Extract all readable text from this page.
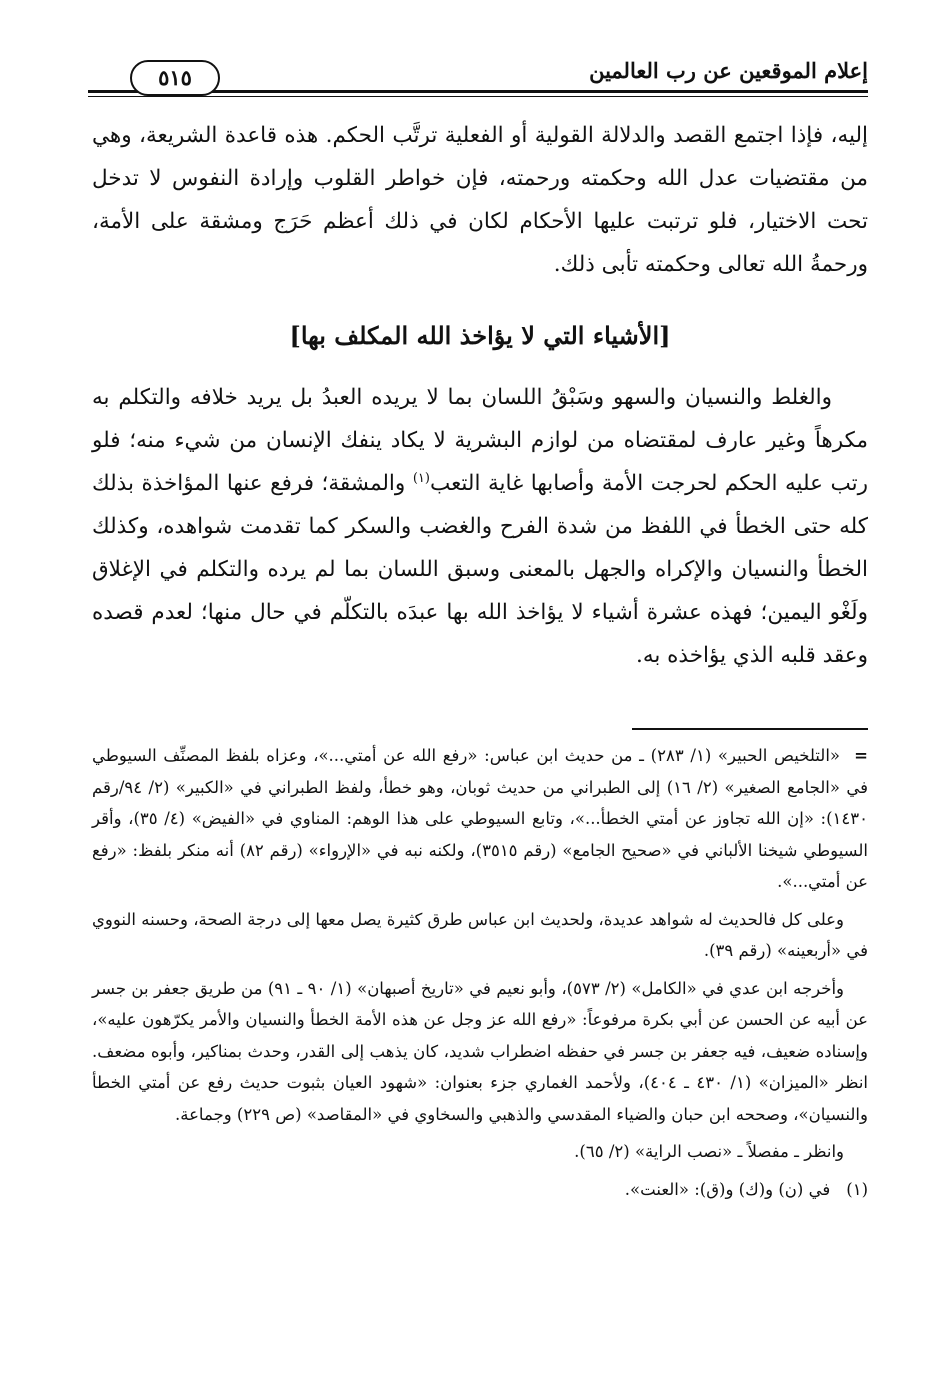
إعلام الموقعين عن رب العالمين
٥١٥
إليه، فإذا اجتمع القصد والدلالة القولية أو الفعلية ترتَّب الحكم. هذه قاعدة الشريعة، وهي من مقتضيات عدل الله وحكمته ورحمته، فإن خواطر القلوب وإرادة النفوس لا تدخل تحت الاختيار، فلو ترتبت عليها الأحكام لكان في ذلك أعظم حَرَج ومشقة على الأمة، ورحمةُ الله تعالى وحكمته تأبى ذلك.
[الأشياء التي لا يؤاخذ الله المكلف بها]
والغلط والنسيان والسهو وسَبْقُ اللسان بما لا يريده العبدُ بل يريد خلافه والتكلم به مكرهاً وغير عارف لمقتضاه من لوازم البشرية لا يكاد ينفك الإنسان من شيء منه؛ فلو رتب عليه الحكم لحرجت الأمة وأصابها غاية التعب$^{(١)}$ والمشقة؛ فرفع عنها المؤاخذة بذلك كله حتى الخطأ في اللفظ من شدة الفرح والغضب والسكر كما تقدمت شواهده، وكذلك الخطأ والنسيان والإكراه والجهل بالمعنى وسبق اللسان بما لم يرده والتكلم في الإغلاق ولَغْو اليمين؛ فهذه عشرة أشياء لا يؤاخذ الله بها عبدَه بالتكلّم في حال منها؛ لعدم قصده وعقد قلبه الذي يؤاخذه به.
=«التلخيص الحبير» (١/ ٢٨٣) ـ من حديث ابن عباس: «رفع الله عن أمتي...»، وعزاه بلفظ المصنِّف السيوطي في «الجامع الصغير» (٢/ ١٦) إلى الطبراني من حديث ثوبان، وهو خطأ، ولفظ الطبراني في «الكبير» (٢/ ٩٤/رقم ١٤٣٠): «إن الله تجاوز عن أمتي الخطأ...»، وتابع السيوطي على هذا الوهم: المناوي في «الفيض» (٤/ ٣٥)، وأقر السيوطي شيخنا الألباني في «صحيح الجامع» (رقم ٣٥١٥)، ولكنه نبه في «الإرواء» (رقم ٨٢) أنه منكر بلفظ: «رفع عن أمتي...».
وعلى كل فالحديث له شواهد عديدة، ولحديث ابن عباس طرق كثيرة يصل معها إلى درجة الصحة، وحسنه النووي في «أربعينه» (رقم ٣٩).
وأخرجه ابن عدي في «الكامل» (٢/ ٥٧٣)، وأبو نعيم في «تاريخ أصبهان» (١/ ٩٠ ـ ٩١) من طريق جعفر بن جسر عن أبيه عن الحسن عن أبي بكرة مرفوعاً: «رفع الله عز وجل عن هذه الأمة الخطأ والنسيان والأمر يكرّهون عليه»، وإسناده ضعيف، فيه جعفر بن جسر في حفظه اضطراب شديد، كان يذهب إلى القدر، وحدث بمناكير، وأبوه مضعف. انظر «الميزان» (١/ ٤٣٠ ـ ٤٠٤)، ولأحمد الغماري جزء بعنوان: «شهود العيان بثبوت حديث رفع عن أمتي الخطأ والنسيان»، وصححه ابن حبان والضياء المقدسي والذهبي والسخاوي في «المقاصد» (ص ٢٢٩) وجماعة.
وانظر ـ مفصلاً ـ «نصب الراية» (٢/ ٦٥).
(١)في (ن) و(ك) و(ق): «العنت».
